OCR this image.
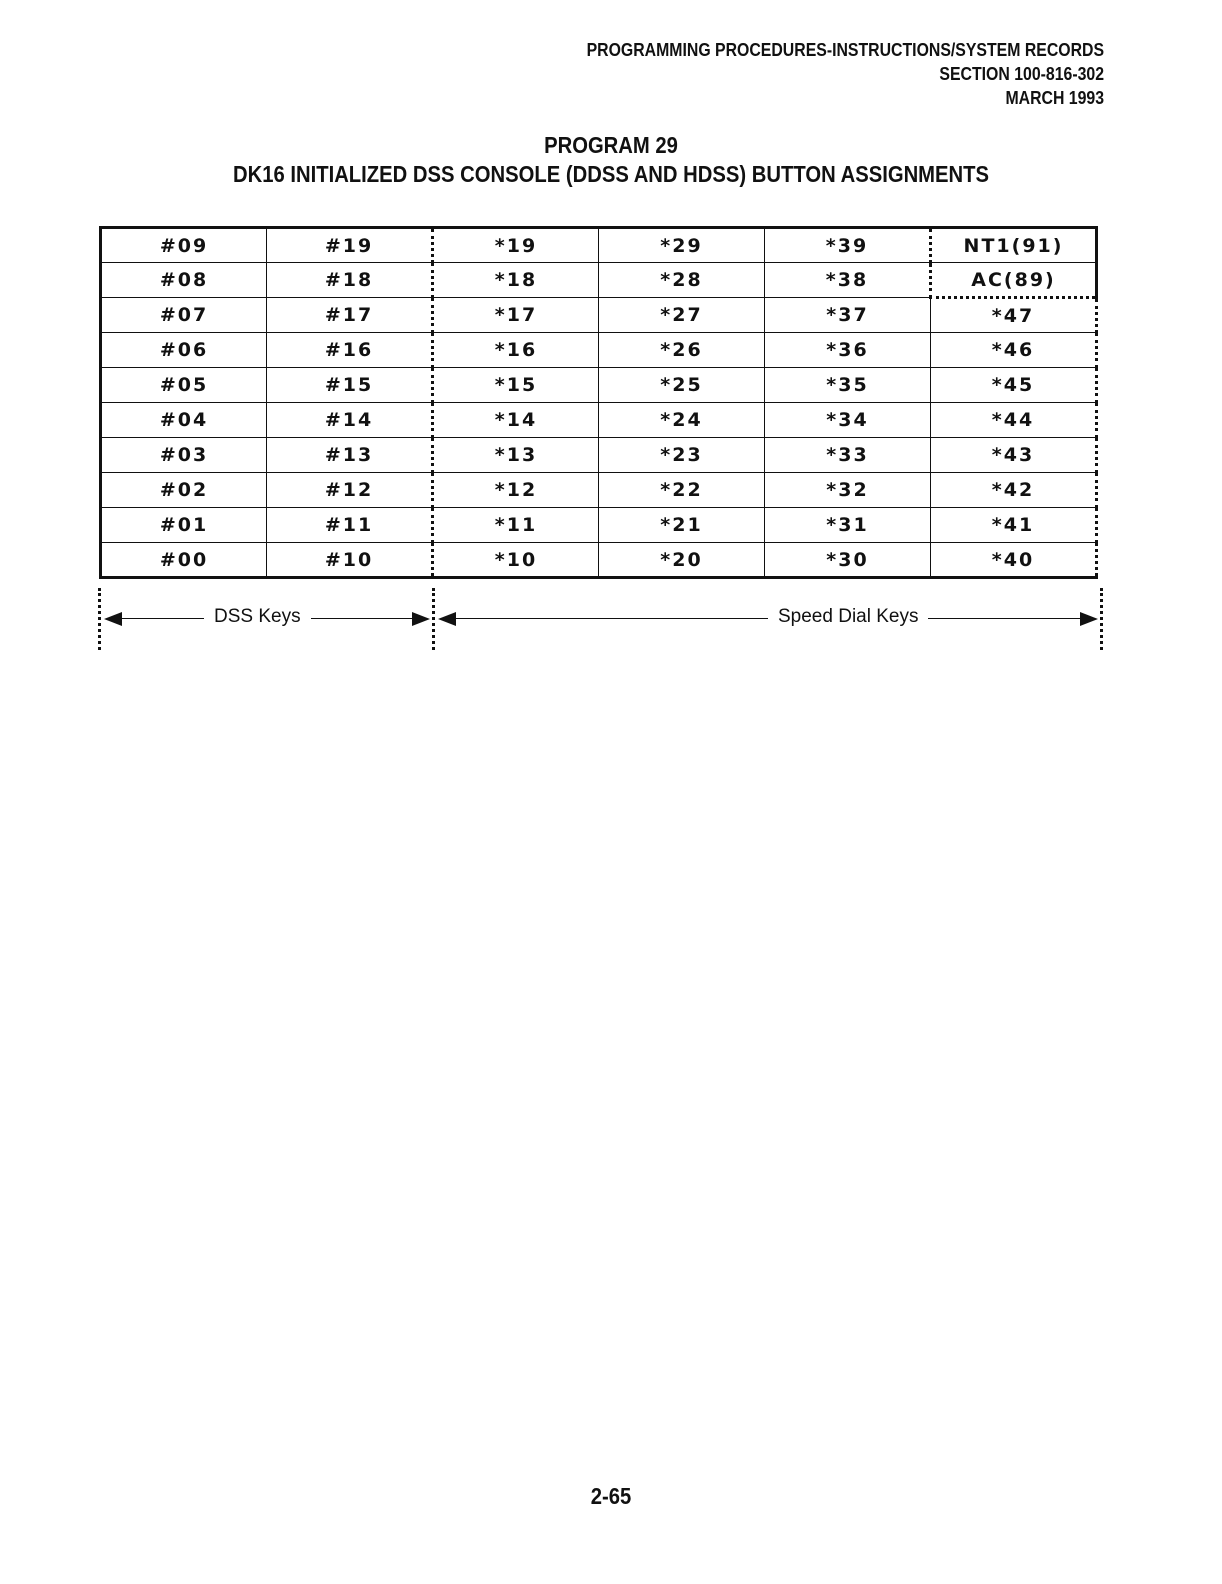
PROGRAMMING PROCEDURES-INSTRUCTIONS/SYSTEM RECORDS
SECTION 100-816-302
MARCH 1993
PROGRAM 29
DK16 INITIALIZED DSS CONSOLE (DDSS AND HDSS) BUTTON ASSIGNMENTS
#09	#19	*19	*29	*39	NT1(91)
#08	#18	*18	*28	*38	AC(89)
#07	#17	*17	*27	*37	*47
#06	#16	*16	*26	*36	*46
#05	#15	*15	*25	*35	*45
#04	#14	*14	*24	*34	*44
#03	#13	*13	*23	*33	*43
#02	#12	*12	*22	*32	*42
#01	#11	*11	*21	*31	*41
#00	#10	*10	*20	*30	*40
DSS Keys	Speed Dial Keys
2-65
